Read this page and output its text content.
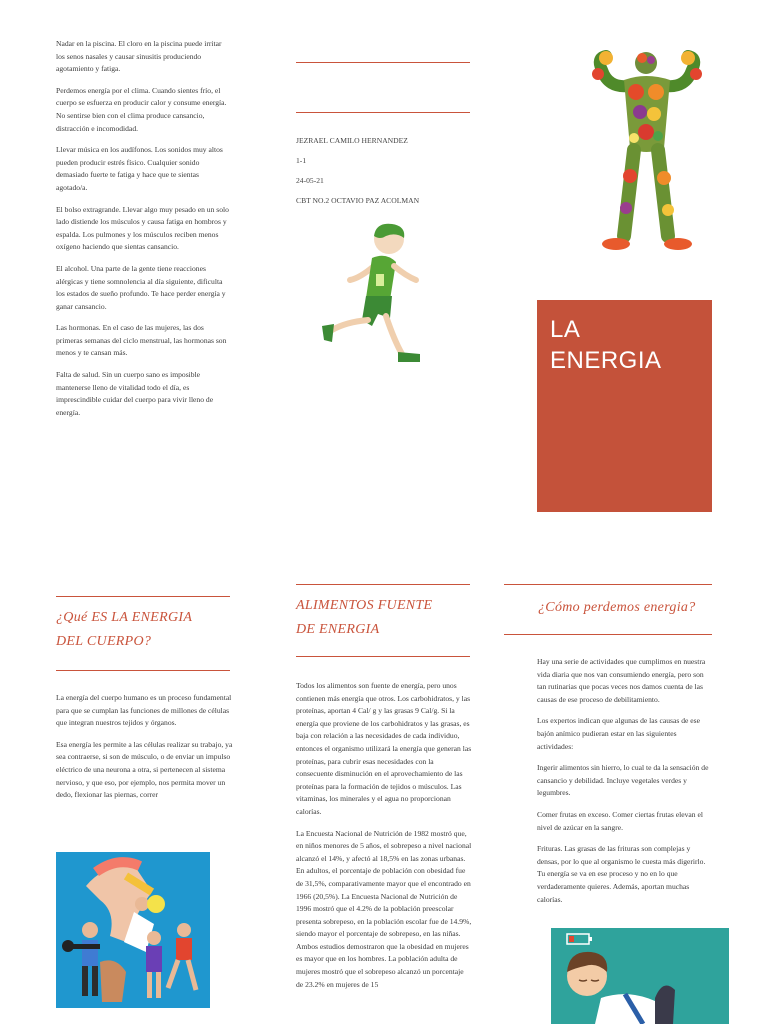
Nadar en la piscina. El cloro en la piscina puede irritar los senos nasales y causar sinusitis produciendo agotamiento y fatiga.

Perdemos energía por el clima. Cuando sientes frío, el cuerpo se esfuerza en producir calor y consume energía. No sentirse bien con el clima produce cansancio, distracción e incomodidad.

Llevar música en los audífonos. Los sonidos muy altos pueden producir estrés físico. Cualquier sonido demasiado fuerte te fatiga y hace que te sientas agotado/a.

El bolso extragrande. Llevar algo muy pesado en un solo lado distiende los músculos y causa fatiga en hombros y espalda. Los pulmones y los músculos reciben menos oxígeno haciendo que sientas cansancio.

El alcohol. Una parte de la gente tiene reacciones alérgicas y tiene somnolencia al día siguiente, dificulta los estados de sueño profundo. Te hace perder energía y ganar cansancio.

Las hormonas. En el caso de las mujeres, las dos primeras semanas del ciclo menstrual, las hormonas son menos y te cansan más.

Falta de salud. Sin un cuerpo sano es imposible mantenerse lleno de vitalidad todo el día, es imprescindible cuidar del cuerpo para vivir lleno de energía.

JEZRAEL CAMILO HERNANDEZ
1-1
24-05-21
CBT NO.2 OCTAVIO PAZ ACOLMAN
LA
ENERGIA
¿Qué ES LA ENERGIA
DEL CUERPO?

La energía del cuerpo humano es un proceso fundamental para que se cumplan las funciones de millones de células que integran nuestros tejidos y órganos.

Esa energía les permite a las células realizar su trabajo, ya sea contraerse, si son de músculo, o de enviar un impulso eléctrico de una neurona a otra, si pertenecen al sistema nervioso, y que eso, por ejemplo, nos permita mover un dedo, flexionar las piernas, correr

ALIMENTOS FUENTE
DE ENERGIA

Todos los alimentos son fuente de energía, pero unos contienen más energía que otros. Los carbohidratos, y las proteínas, aportan 4 Cal/ g y las grasas 9 Cal/g. Si la energía que proviene de los carbohidratos y las grasas, es baja con relación a las necesidades de cada individuo, entonces el organismo utilizará la energía que generan las proteínas, para cubrir esas necesidades con la consecuente disminución en el aprovechamiento de las proteínas para la formación de tejidos o músculos. Las vitaminas, los minerales y el agua no proporcionan calorías.

La Encuesta Nacional de Nutrición de 1982 mostró que, en niños menores de 5 años, el sobrepeso a nivel nacional alcanzó el 14%, y afectó al 18,5% en las zonas urbanas. En adultos, el porcentaje de población con obesidad fue de 31,5%, comparativamente mayor que el encontrado en 1966 (20,5%). La Encuesta Nacional de Nutrición de 1996 mostró que el 4.2% de la población preescolar presenta sobrepeso, en la población escolar fue de 14.9%, siendo mayor el porcentaje de sobrepeso, en las niñas. Ambos estudios demostraron que la obesidad en mujeres es mayor que en los hombres. La población adulta de mujeres mostró que el sobrepeso alcanzó un porcentaje de 23.2% en mujeres de 15

¿Cómo perdemos energia?

Hay una serie de actividades que cumplimos en nuestra vida diaria que nos van consumiendo energía, pero son tan rutinarias que pocas veces nos damos cuenta de las causas de ese proceso de debilitamiento.

Los expertos indican que algunas de las causas de ese bajón anímico pudieran estar en las siguientes actividades:

Ingerir alimentos sin hierro, lo cual te da la sensación de cansancio y debilidad. Incluye vegetales verdes y legumbres.

Comer frutas en exceso. Comer ciertas frutas elevan el nivel de azúcar en la sangre.

Frituras. Las grasas de las frituras son complejas y densas, por lo que al organismo le cuesta más digerirlo. Tu energía se va en ese proceso y no en lo que verdaderamente quieres. Además, aportan muchas calorías.
